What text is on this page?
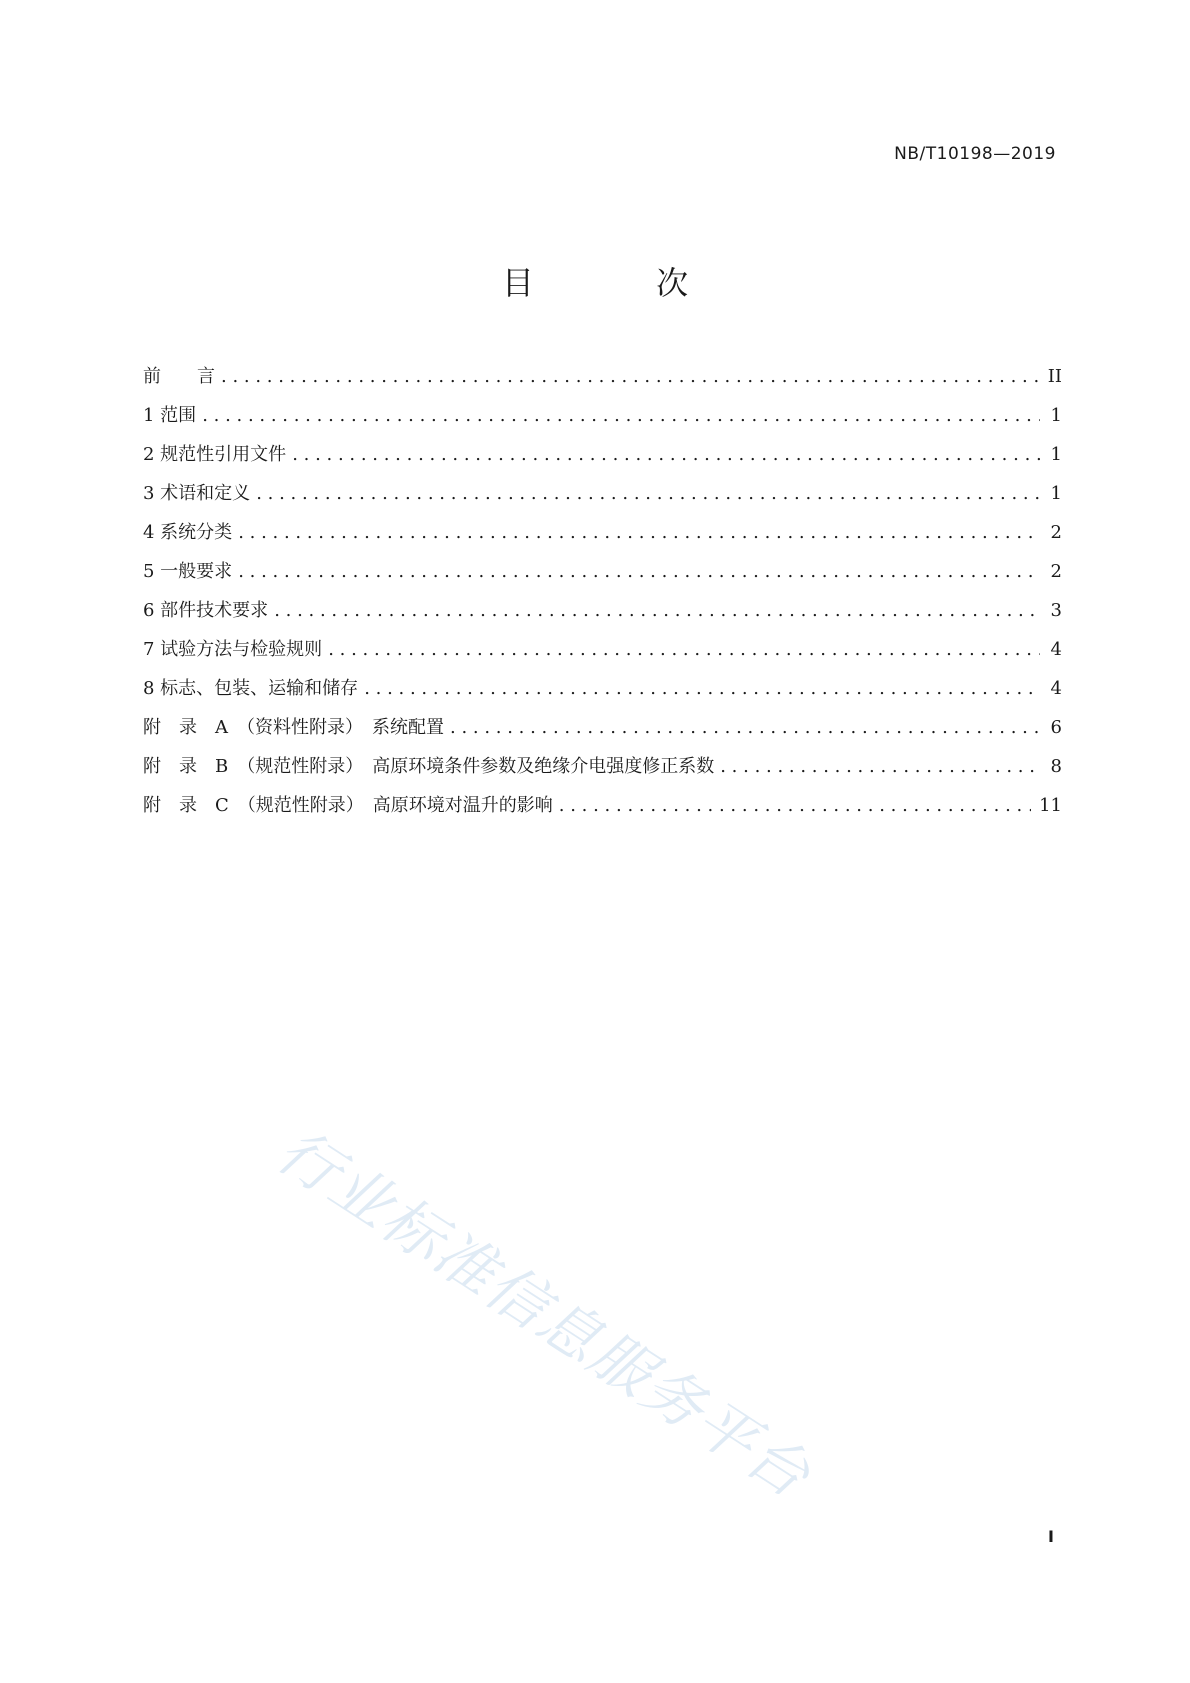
NB/T10198—2019
目 次
前　　言 . . .	II
1 范围 . . .	1
2 规范性引用文件 . . .	1
3 术语和定义 . . .	1
4 系统分类 . . .	2
5 一般要求 . . .	2
6 部件技术要求 . . .	3
7 试验方法与检验规则 . . .	4
8 标志、包装、运输和储存 . . .	4
附　录　A　（资料性附录）　系统配置 . . .	6
附　录　B　（规范性附录）　高原环境条件参数及绝缘介电强度修正系数 . . .	8
附　录　C　（规范性附录）　高原环境对温升的影响 . . .	11
行业标准信息服务平台
I
